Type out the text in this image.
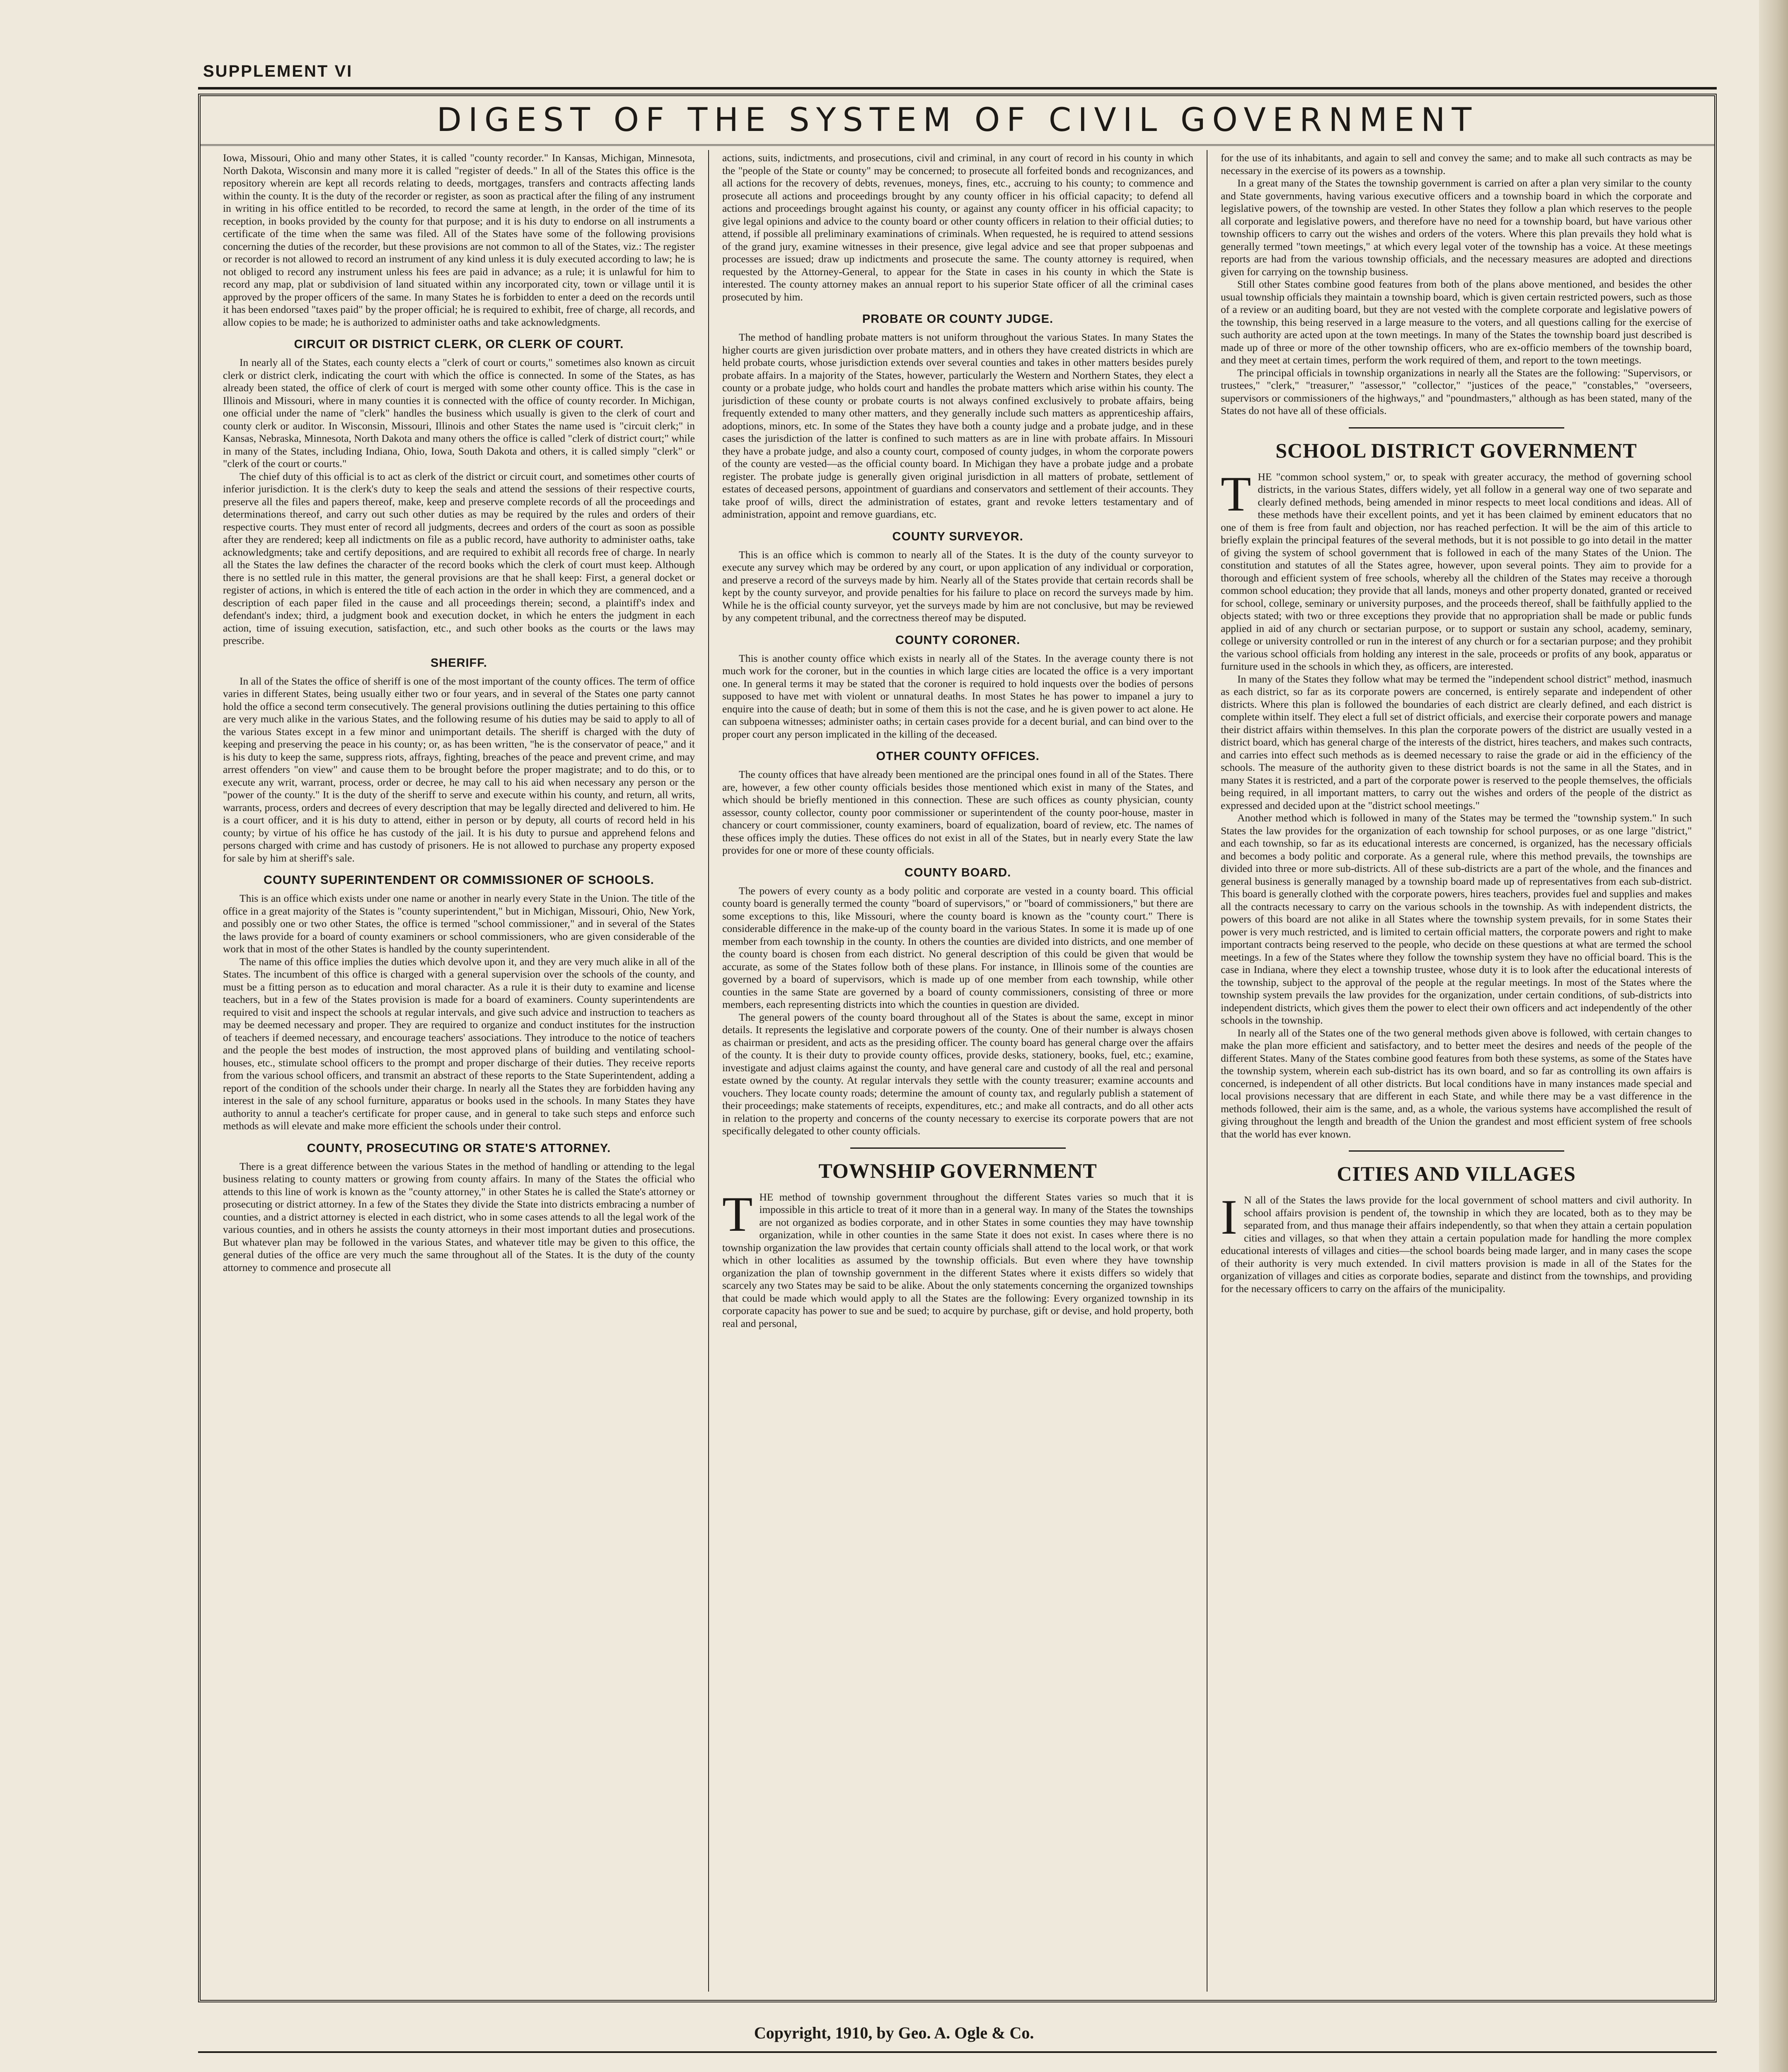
SUPPLEMENT VI
DIGEST OF THE SYSTEM OF CIVIL GOVERNMENT

Iowa, Missouri, Ohio and many other States, it is called "county recorder." In Kansas, Michigan, Minnesota, North Dakota, Wisconsin and many more it is called "register of deeds." In all of the States this office is the repository wherein are kept all records relating to deeds, mortgages, transfers and contracts affecting lands within the county. It is the duty of the recorder or register, as soon as practical after the filing of any instrument in writing in his office entitled to be recorded, to record the same at length, in the order of the time of its reception, in books provided by the county for that purpose; and it is his duty to endorse on all instruments a certificate of the time when the same was filed. All of the States have some of the following provisions concerning the duties of the recorder, but these provisions are not common to all of the States, viz.: The register or recorder is not allowed to record an instrument of any kind unless it is duly executed according to law; he is not obliged to record any instrument unless his fees are paid in advance; as a rule; it is unlawful for him to record any map, plat or subdivision of land situated within any incorporated city, town or village until it is approved by the proper officers of the same. In many States he is forbidden to enter a deed on the records until it has been endorsed "taxes paid" by the proper official; he is required to exhibit, free of charge, all records, and allow copies to be made; he is authorized to administer oaths and take acknowledgments.

CIRCUIT OR DISTRICT CLERK, OR CLERK OF COURT.

In nearly all of the States, each county elects a "clerk of court or courts," sometimes also known as circuit clerk or district clerk, indicating the court with which the office is connected. In some of the States, as has already been stated, the office of clerk of court is merged with some other county office. This is the case in Illinois and Missouri, where in many counties it is connected with the office of county recorder. In Michigan, one official under the name of "clerk" handles the business which usually is given to the clerk of court and county clerk or auditor. In Wisconsin, Missouri, Illinois and other States the name used is "circuit clerk;" in Kansas, Nebraska, Minnesota, North Dakota and many others the office is called "clerk of district court;" while in many of the States, including Indiana, Ohio, Iowa, South Dakota and others, it is called simply "clerk" or "clerk of the court or courts."

The chief duty of this official is to act as clerk of the district or circuit court, and sometimes other courts of inferior jurisdiction. It is the clerk's duty to keep the seals and attend the sessions of their respective courts, preserve all the files and papers thereof, make, keep and preserve complete records of all the proceedings and determinations thereof, and carry out such other duties as may be required by the rules and orders of their respective courts. They must enter of record all judgments, decrees and orders of the court as soon as possible after they are rendered; keep all indictments on file as a public record, have authority to administer oaths, take acknowledgments; take and certify depositions, and are required to exhibit all records free of charge. In nearly all the States the law defines the character of the record books which the clerk of court must keep. Although there is no settled rule in this matter, the general provisions are that he shall keep: First, a general docket or register of actions, in which is entered the title of each action in the order in which they are commenced, and a description of each paper filed in the cause and all proceedings therein; second, a plaintiff's index and defendant's index; third, a judgment book and execution docket, in which he enters the judgment in each action, time of issuing execution, satisfaction, etc., and such other books as the courts or the laws may prescribe.

SHERIFF.

In all of the States the office of sheriff is one of the most important of the county offices. The term of office varies in different States, being usually either two or four years, and in several of the States one party cannot hold the office a second term consecutively. The general provisions outlining the duties pertaining to this office are very much alike in the various States, and the following resume of his duties may be said to apply to all of the various States except in a few minor and unimportant details. The sheriff is charged with the duty of keeping and preserving the peace in his county; or, as has been written, "he is the conservator of peace," and it is his duty to keep the same, suppress riots, affrays, fighting, breaches of the peace and prevent crime, and may arrest offenders "on view" and cause them to be brought before the proper magistrate; and to do this, or to execute any writ, warrant, process, order or decree, he may call to his aid when necessary any person or the "power of the county." It is the duty of the sheriff to serve and execute within his county, and return, all writs, warrants, process, orders and decrees of every description that may be legally directed and delivered to him. He is a court officer, and it is his duty to attend, either in person or by deputy, all courts of record held in his county; by virtue of his office he has custody of the jail. It is his duty to pursue and apprehend felons and persons charged with crime and has custody of prisoners. He is not allowed to purchase any property exposed for sale by him at sheriff's sale.

COUNTY SUPERINTENDENT OR COMMISSIONER OF SCHOOLS.

This is an office which exists under one name or another in nearly every State in the Union. The title of the office in a great majority of the States is "county superintendent," but in Michigan, Missouri, Ohio, New York, and possibly one or two other States, the office is termed "school commissioner," and in several of the States the laws provide for a board of county examiners or school commissioners, who are given considerable of the work that in most of the other States is handled by the county superintendent.

The name of this office implies the duties which devolve upon it, and they are very much alike in all of the States. The incumbent of this office is charged with a general supervision over the schools of the county, and must be a fitting person as to education and moral character. As a rule it is their duty to examine and license teachers, but in a few of the States provision is made for a board of examiners. County superintendents are required to visit and inspect the schools at regular intervals, and give such advice and instruction to teachers as may be deemed necessary and proper. They are required to organize and conduct institutes for the instruction of teachers if deemed necessary, and encourage teachers' associations. They introduce to the notice of teachers and the people the best modes of instruction, the most approved plans of building and ventilating school-houses, etc., stimulate school officers to the prompt and proper discharge of their duties. They receive reports from the various school officers, and transmit an abstract of these reports to the State Superintendent, adding a report of the condition of the schools under their charge. In nearly all the States they are forbidden having any interest in the sale of any school furniture, apparatus or books used in the schools. In many States they have authority to annul a teacher's certificate for proper cause, and in general to take such steps and enforce such methods as will elevate and make more efficient the schools under their control.

COUNTY, PROSECUTING OR STATE'S ATTORNEY.

There is a great difference between the various States in the method of handling or attending to the legal business relating to county matters or growing from county affairs. In many of the States the official who attends to this line of work is known as the "county attorney," in other States he is called the State's attorney or prosecuting or district attorney. In a few of the States they divide the State into districts embracing a number of counties, and a district attorney is elected in each district, who in some cases attends to all the legal work of the various counties, and in others he assists the county attorneys in their most important duties and prosecutions. But whatever plan may be followed in the various States, and whatever title may be given to this office, the general duties of the office are very much the same throughout all of the States. It is the duty of the county attorney to commence and prosecute all

actions, suits, indictments, and prosecutions, civil and criminal, in any court of record in his county in which the "people of the State or county" may be concerned; to prosecute all forfeited bonds and recognizances, and all actions for the recovery of debts, revenues, moneys, fines, etc., accruing to his county; to commence and prosecute all actions and proceedings brought by any county officer in his official capacity; to defend all actions and proceedings brought against his county, or against any county officer in his official capacity; to give legal opinions and advice to the county board or other county officers in relation to their official duties; to attend, if possible all preliminary examinations of criminals. When requested, he is required to attend sessions of the grand jury, examine witnesses in their presence, give legal advice and see that proper subpoenas and processes are issued; draw up indictments and prosecute the same. The county attorney is required, when requested by the Attorney-General, to appear for the State in cases in his county in which the State is interested. The county attorney makes an annual report to his superior State officer of all the criminal cases prosecuted by him.

PROBATE OR COUNTY JUDGE.

The method of handling probate matters is not uniform throughout the various States. In many States the higher courts are given jurisdiction over probate matters, and in others they have created districts in which are held probate courts, whose jurisdiction extends over several counties and takes in other matters besides purely probate affairs. In a majority of the States, however, particularly the Western and Northern States, they elect a county or a probate judge, who holds court and handles the probate matters which arise within his county. The jurisdiction of these county or probate courts is not always confined exclusively to probate affairs, being frequently extended to many other matters, and they generally include such matters as apprenticeship affairs, adoptions, minors, etc. In some of the States they have both a county judge and a probate judge, and in these cases the jurisdiction of the latter is confined to such matters as are in line with probate affairs. In Missouri they have a probate judge, and also a county court, composed of county judges, in whom the corporate powers of the county are vested—as the official county board. In Michigan they have a probate judge and a probate register. The probate judge is generally given original jurisdiction in all matters of probate, settlement of estates of deceased persons, appointment of guardians and conservators and settlement of their accounts. They take proof of wills, direct the administration of estates, grant and revoke letters testamentary and of administration, appoint and remove guardians, etc.

COUNTY SURVEYOR.

This is an office which is common to nearly all of the States. It is the duty of the county surveyor to execute any survey which may be ordered by any court, or upon application of any individual or corporation, and preserve a record of the surveys made by him. Nearly all of the States provide that certain records shall be kept by the county surveyor, and provide penalties for his failure to place on record the surveys made by him. While he is the official county surveyor, yet the surveys made by him are not conclusive, but may be reviewed by any competent tribunal, and the correctness thereof may be disputed.

COUNTY CORONER.

This is another county office which exists in nearly all of the States. In the average county there is not much work for the coroner, but in the counties in which large cities are located the office is a very important one. In general terms it may be stated that the coroner is required to hold inquests over the bodies of persons supposed to have met with violent or unnatural deaths. In most States he has power to impanel a jury to enquire into the cause of death; but in some of them this is not the case, and he is given power to act alone. He can subpoena witnesses; administer oaths; in certain cases provide for a decent burial, and can bind over to the proper court any person implicated in the killing of the deceased.

OTHER COUNTY OFFICES.

The county offices that have already been mentioned are the principal ones found in all of the States. There are, however, a few other county officials besides those mentioned which exist in many of the States, and which should be briefly mentioned in this connection. These are such offices as county physician, county assessor, county collector, county poor commissioner or superintendent of the county poor-house, master in chancery or court commissioner, county examiners, board of equalization, board of review, etc. The names of these offices imply the duties. These offices do not exist in all of the States, but in nearly every State the law provides for one or more of these county officials.

COUNTY BOARD.

The powers of every county as a body politic and corporate are vested in a county board. This official county board is generally termed the county "board of supervisors," or "board of commissioners," but there are some exceptions to this, like Missouri, where the county board is known as the "county court." There is considerable difference in the make-up of the county board in the various States. In some it is made up of one member from each township in the county. In others the counties are divided into districts, and one member of the county board is chosen from each district. No general description of this could be given that would be accurate, as some of the States follow both of these plans. For instance, in Illinois some of the counties are governed by a board of supervisors, which is made up of one member from each township, while other counties in the same State are governed by a board of county commissioners, consisting of three or more members, each representing districts into which the counties in question are divided.

The general powers of the county board throughout all of the States is about the same, except in minor details. It represents the legislative and corporate powers of the county. One of their number is always chosen as chairman or president, and acts as the presiding officer. The county board has general charge over the affairs of the county. It is their duty to provide county offices, provide desks, stationery, books, fuel, etc.; examine, investigate and adjust claims against the county, and have general care and custody of all the real and personal estate owned by the county. At regular intervals they settle with the county treasurer; examine accounts and vouchers. They locate county roads; determine the amount of county tax, and regularly publish a statement of their proceedings; make statements of receipts, expenditures, etc.; and make all contracts, and do all other acts in relation to the property and concerns of the county necessary to exercise its corporate powers that are not specifically delegated to other county officials.

TOWNSHIP GOVERNMENT

THE method of township government throughout the different States varies so much that it is impossible in this article to treat of it more than in a general way. In many of the States the townships are not organized as bodies corporate, and in other States in some counties they may have township organization, while in other counties in the same State it does not exist. In cases where there is no township organization the law provides that certain county officials shall attend to the local work, or that work which in other localities as assumed by the township officials. But even where they have township organization the plan of township government in the different States where it exists differs so widely that scarcely any two States may be said to be alike. About the only statements concerning the organized townships that could be made which would apply to all the States are the following: Every organized township in its corporate capacity has power to sue and be sued; to acquire by purchase, gift or devise, and hold property, both real and personal,

for the use of its inhabitants, and again to sell and convey the same; and to make all such contracts as may be necessary in the exercise of its powers as a township.

In a great many of the States the township government is carried on after a plan very similar to the county and State governments, having various executive officers and a township board in which the corporate and legislative powers, of the township are vested. In other States they follow a plan which reserves to the people all corporate and legislative powers, and therefore have no need for a township board, but have various other township officers to carry out the wishes and orders of the voters. Where this plan prevails they hold what is generally termed "town meetings," at which every legal voter of the township has a voice. At these meetings reports are had from the various township officials, and the necessary measures are adopted and directions given for carrying on the township business.

Still other States combine good features from both of the plans above mentioned, and besides the other usual township officials they maintain a township board, which is given certain restricted powers, such as those of a review or an auditing board, but they are not vested with the complete corporate and legislative powers of the township, this being reserved in a large measure to the voters, and all questions calling for the exercise of such authority are acted upon at the town meetings. In many of the States the township board just described is made up of three or more of the other township officers, who are ex-officio members of the township board, and they meet at certain times, perform the work required of them, and report to the town meetings.

The principal officials in township organizations in nearly all the States are the following: "Supervisors, or trustees," "clerk," "treasurer," "assessor," "collector," "justices of the peace," "constables," "overseers, supervisors or commissioners of the highways," and "poundmasters," although as has been stated, many of the States do not have all of these officials.

SCHOOL DISTRICT GOVERNMENT

THE "common school system," or, to speak with greater accuracy, the method of governing school districts, in the various States, differs widely, yet all follow in a general way one of two separate and clearly defined methods, being amended in minor respects to meet local conditions and ideas. All of these methods have their excellent points, and yet it has been claimed by eminent educators that no one of them is free from fault and objection, nor has reached perfection. It will be the aim of this article to briefly explain the principal features of the several methods, but it is not possible to go into detail in the matter of giving the system of school government that is followed in each of the many States of the Union. The constitution and statutes of all the States agree, however, upon several points. They aim to provide for a thorough and efficient system of free schools, whereby all the children of the States may receive a thorough common school education; they provide that all lands, moneys and other property donated, granted or received for school, college, seminary or university purposes, and the proceeds thereof, shall be faithfully applied to the objects stated; with two or three exceptions they provide that no appropriation shall be made or public funds applied in aid of any church or sectarian purpose, or to support or sustain any school, academy, seminary, college or university controlled or run in the interest of any church or for a sectarian purpose; and they prohibit the various school officials from holding any interest in the sale, proceeds or profits of any book, apparatus or furniture used in the schools in which they, as officers, are interested.

In many of the States they follow what may be termed the "independent school district" method, inasmuch as each district, so far as its corporate powers are concerned, is entirely separate and independent of other districts. Where this plan is followed the boundaries of each district are clearly defined, and each district is complete within itself. They elect a full set of district officials, and exercise their corporate powers and manage their district affairs within themselves. In this plan the corporate powers of the district are usually vested in a district board, which has general charge of the interests of the district, hires teachers, and makes such contracts, and carries into effect such methods as is deemed necessary to raise the grade or aid in the efficiency of the schools. The measure of the authority given to these district boards is not the same in all the States, and in many States it is restricted, and a part of the corporate power is reserved to the people themselves, the officials being required, in all important matters, to carry out the wishes and orders of the people of the district as expressed and decided upon at the "district school meetings."

Another method which is followed in many of the States may be termed the "township system." In such States the law provides for the organization of each township for school purposes, or as one large "district," and each township, so far as its educational interests are concerned, is organized, has the necessary officials and becomes a body politic and corporate. As a general rule, where this method prevails, the townships are divided into three or more sub-districts. All of these sub-districts are a part of the whole, and the finances and general business is generally managed by a township board made up of representatives from each sub-district. This board is generally clothed with the corporate powers, hires teachers, provides fuel and supplies and makes all the contracts necessary to carry on the various schools in the township. As with independent districts, the powers of this board are not alike in all States where the township system prevails, for in some States their power is very much restricted, and is limited to certain official matters, the corporate powers and right to make important contracts being reserved to the people, who decide on these questions at what are termed the school meetings. In a few of the States where they follow the township system they have no official board. This is the case in Indiana, where they elect a township trustee, whose duty it is to look after the educational interests of the township, subject to the approval of the people at the regular meetings. In most of the States where the township system prevails the law provides for the organization, under certain conditions, of sub-districts into independent districts, which gives them the power to elect their own officers and act independently of the other schools in the township.

In nearly all of the States one of the two general methods given above is followed, with certain changes to make the plan more efficient and satisfactory, and to better meet the desires and needs of the people of the different States. Many of the States combine good features from both these systems, as some of the States have the township system, wherein each sub-district has its own board, and so far as controlling its own affairs is concerned, is independent of all other districts. But local conditions have in many instances made special and local provisions necessary that are different in each State, and while there may be a vast difference in the methods followed, their aim is the same, and, as a whole, the various systems have accomplished the result of giving throughout the length and breadth of the Union the grandest and most efficient system of free schools that the world has ever known.

CITIES AND VILLAGES

I N all of the States the laws provide for the local government of school matters and civil authority. In school affairs provision is pendent of, the township in which they are located, both as to they may be separated from, and thus manage their affairs independently, so that when they attain a certain population cities and villages, so that when they attain a certain population made for handling the more complex educational interests of villages and cities—the school boards being made larger, and in many cases the scope of their authority is very much extended. In civil matters provision is made in all of the States for the organization of villages and cities as corporate bodies, separate and distinct from the townships, and providing for the necessary officers to carry on the affairs of the municipality.

Copyright, 1910, by Geo. A. Ogle & Co.
